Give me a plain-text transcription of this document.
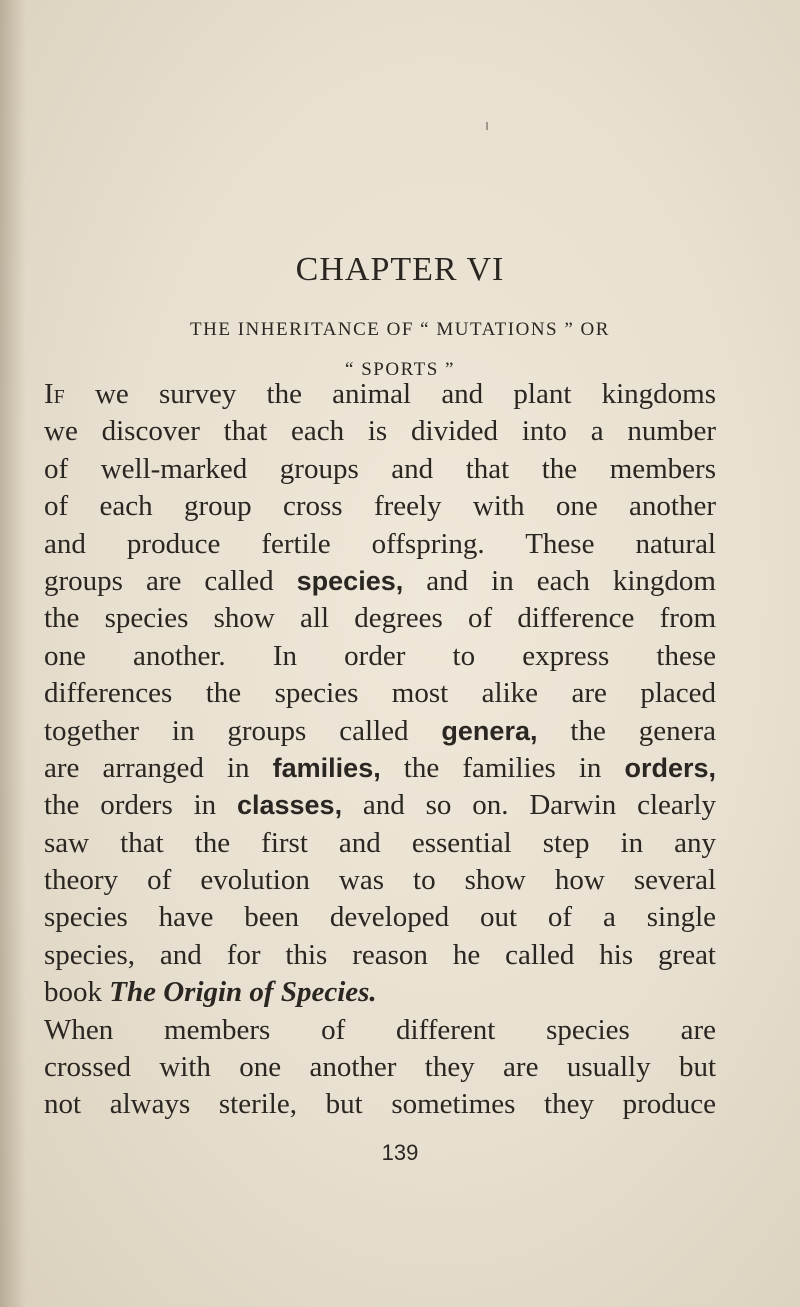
CHAPTER VI
THE INHERITANCE OF “ MUTATIONS ” OR
“ SPORTS ”
If we survey the animal and plant kingdoms
we discover that each is divided into a number
of well-marked groups and that the members
of each group cross freely with one another
and produce fertile offspring. These natural
groups are called species, and in each kingdom
the species show all degrees of difference from
one another. In order to express these
differences the species most alike are placed
together in groups called genera, the genera
are arranged in families, the families in orders,
the orders in classes, and so on. Darwin clearly
saw that the first and essential step in any
theory of evolution was to show how several
species have been developed out of a single
species, and for this reason he called his great
book The Origin of Species.
When members of different species are
crossed with one another they are usually but
not always sterile, but sometimes they produce
139
